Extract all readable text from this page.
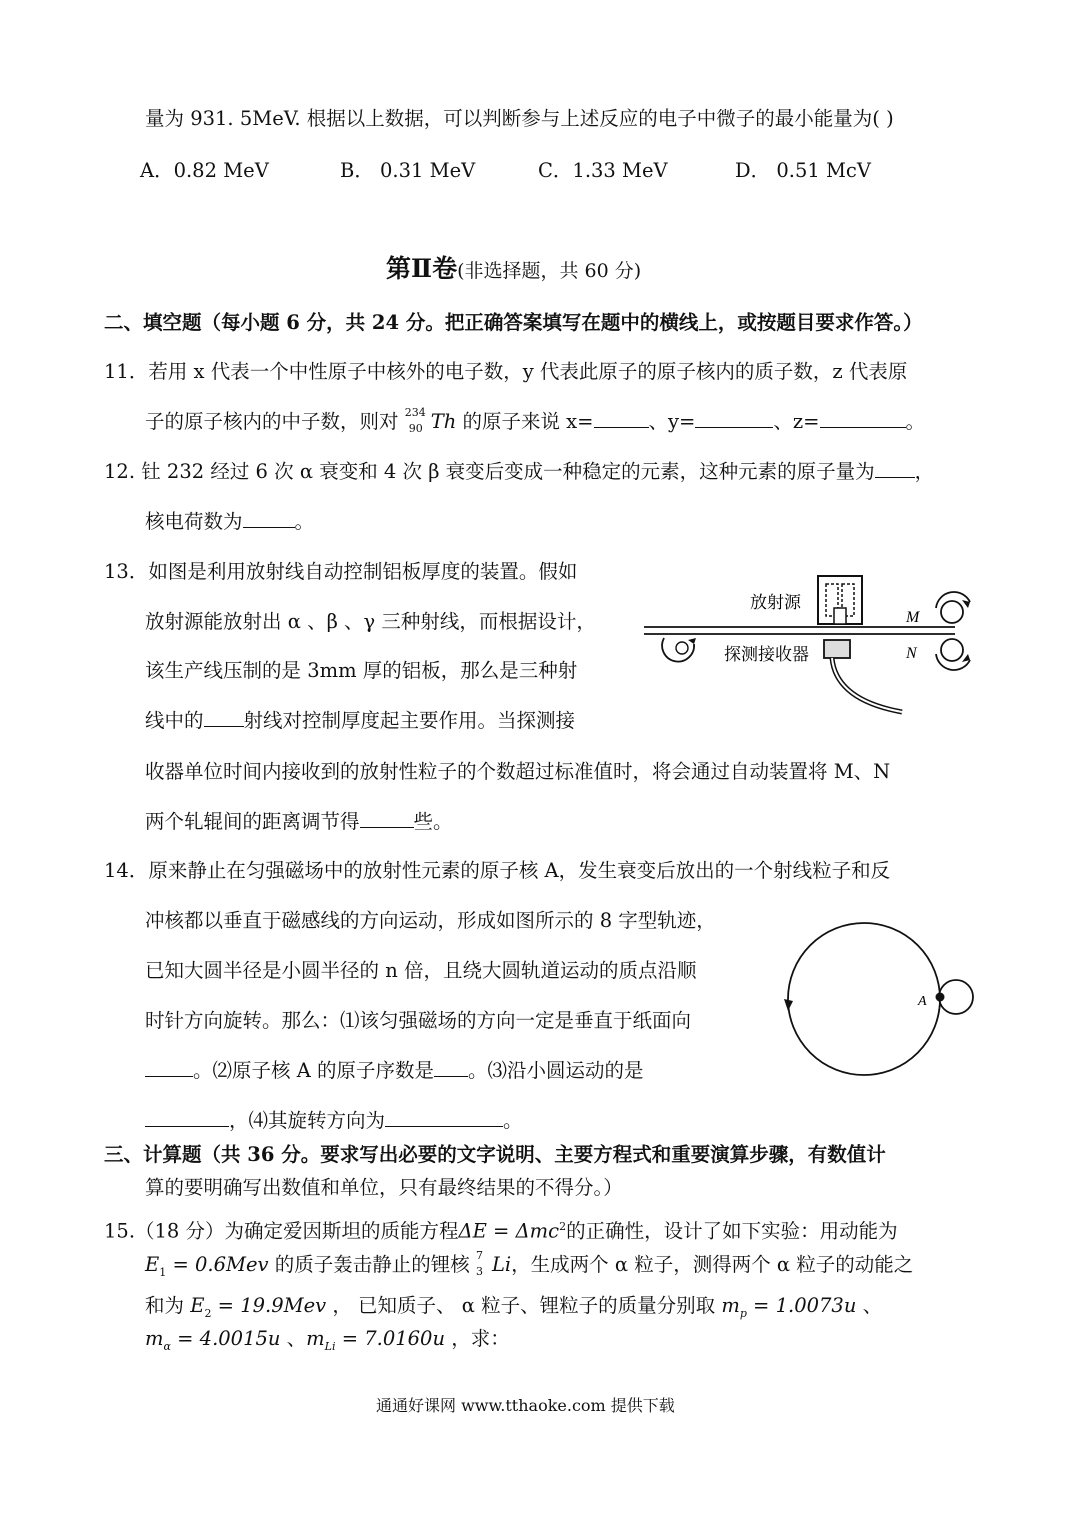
量为 931. 5MeV. 根据以上数据，可以判断参与上述反应的电子中微子的最小能量为( )
A．0.82 MeV	B． 0.31 MeV	C．1.33 MeV	D． 0.51 McV
第Ⅱ卷(非选择题，共 60 分)
二、填空题（每小题 6 分，共 24 分。把正确答案填写在题中的横线上，或按题目要求作答。）
11．若用 x 代表一个中性原子中核外的电子数，y 代表此原子的原子核内的质子数，z 代表原
子的原子核内的中子数，则对 234
90 Th 的原子来说 x=	、y=	、z=	。
12. 钍 232 经过 6 次 α 衰变和 4 次 β 衰变后变成一种稳定的元素，这种元素的原子量为 ，
核电荷数为	。
13．如图是利用放射线自动控制铝板厚度的装置。假如
放射源能放射出 α 、β 、γ 三种射线，而根据设计，
该生产线压制的是 3mm 厚的铝板，那么是三种射
线中的 射线对控制厚度起主要作用。当探测接
收器单位时间内接收到的放射性粒子的个数超过标准值时，将会通过自动装置将 M、N
两个轧辊间的距离调节得	些。
放射源
探测接收器
M
N
14．原来静止在匀强磁场中的放射性元素的原子核 A，发生衰变后放出的一个射线粒子和反
冲核都以垂直于磁感线的方向运动，形成如图所示的 8 字型轨迹，
已知大圆半径是小圆半径的 n 倍，且绕大圆轨道运动的质点沿顺
时针方向旋转。那么：⑴该匀强磁场的方向一定是垂直于纸面向
。⑵原子核 A 的原子序数是 。⑶沿小圆运动的是
，⑷其旋转方向为	。
A
三、计算题（共 36 分。要求写出必要的文字说明、主要方程式和重要演算步骤，有数值计
算的要明确写出数值和单位，只有最终结果的不得分。）
15.（18 分）为确定爱因斯坦的质能方程ΔE = Δmc$^2$的正确性，设计了如下实验：用动能为
$E_1 = 0.6Mev$ 的质子轰击静止的锂核 7
3 Li，生成两个 α 粒子，测得两个 α 粒子的动能之
和为 $E_2 = 19.9Mev$ ， 已知质子、 α 粒子、锂粒子的质量分别取 $m_p = 1.0073u$ 、
$m_\alpha = 4.0015u$ 、$m_{Li} = 7.0160u$ ，求：
通通好课网 www.tthaoke.com 提供下载
